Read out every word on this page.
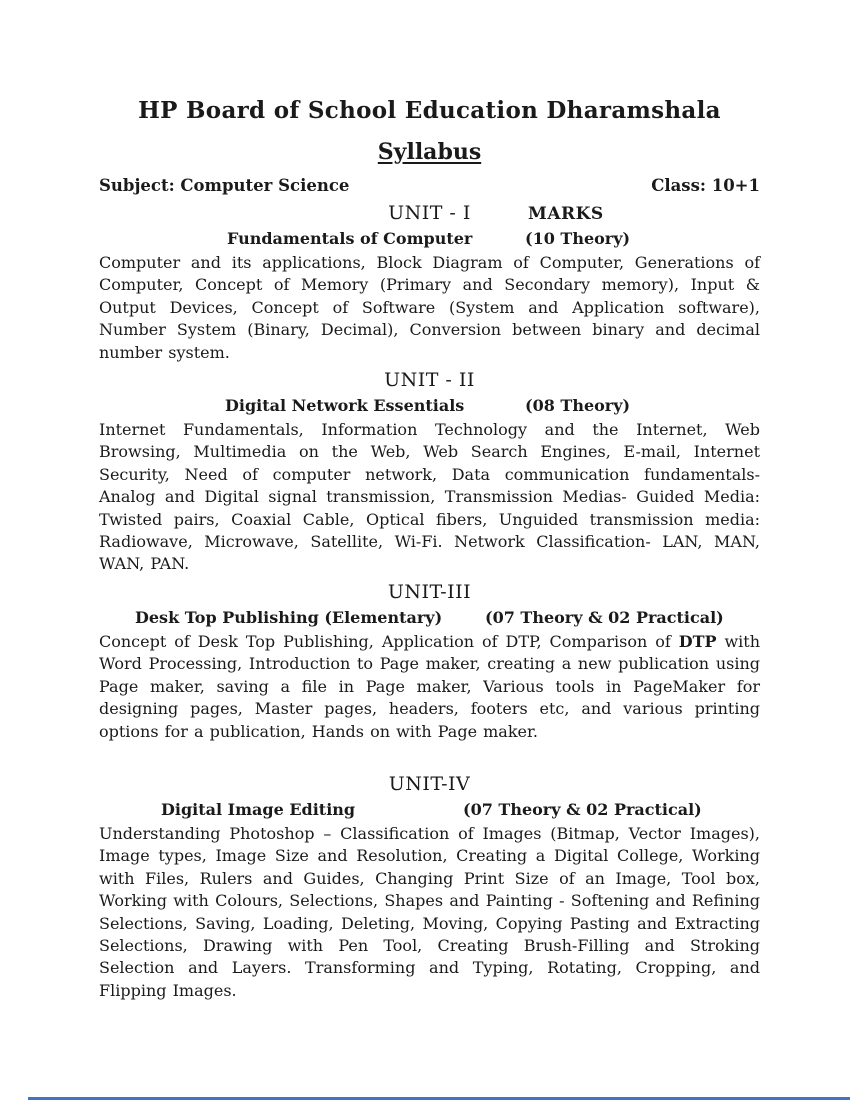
HP Board of School Education Dharamshala
Syllabus
Subject: Computer Science	Class: 10+1
UNIT - I	MARKS
Fundamentals of Computer	(10 Theory)

Computer and its applications, Block Diagram of Computer, Generations of Computer, Concept of Memory (Primary and Secondary memory), Input & Output Devices, Concept of Software (System and Application software), Number System (Binary, Decimal), Conversion between binary and decimal number system.

UNIT - II
Digital Network Essentials	(08 Theory)

Internet Fundamentals, Information Technology and the Internet, Web Browsing, Multimedia on the Web, Web Search Engines, E-mail, Internet Security, Need of computer network, Data communication fundamentals- Analog and Digital signal transmission, Transmission Medias- Guided Media: Twisted pairs, Coaxial Cable, Optical fibers, Unguided transmission media: Radiowave, Microwave, Satellite, Wi-Fi. Network Classification- LAN, MAN, WAN, PAN.

UNIT-III
Desk Top Publishing (Elementary)	(07 Theory & 02 Practical)

Concept of Desk Top Publishing, Application of DTP, Comparison of DTP with Word Processing, Introduction to Page maker, creating a new publication using Page maker, saving a file in Page maker, Various tools in PageMaker for designing pages, Master pages, headers, footers etc, and various printing options for a publication, Hands on with Page maker.

UNIT-IV
Digital Image Editing	(07 Theory & 02 Practical)

Understanding Photoshop – Classification of Images (Bitmap, Vector Images), Image types, Image Size and Resolution, Creating a Digital College, Working with Files, Rulers and Guides, Changing Print Size of an Image, Tool box, Working with Colours, Selections, Shapes and Painting - Softening and Refining Selections, Saving, Loading, Deleting, Moving, Copying Pasting and Extracting Selections, Drawing with Pen Tool, Creating Brush-Filling and Stroking Selection and Layers. Transforming and Typing, Rotating, Cropping, and Flipping Images.
